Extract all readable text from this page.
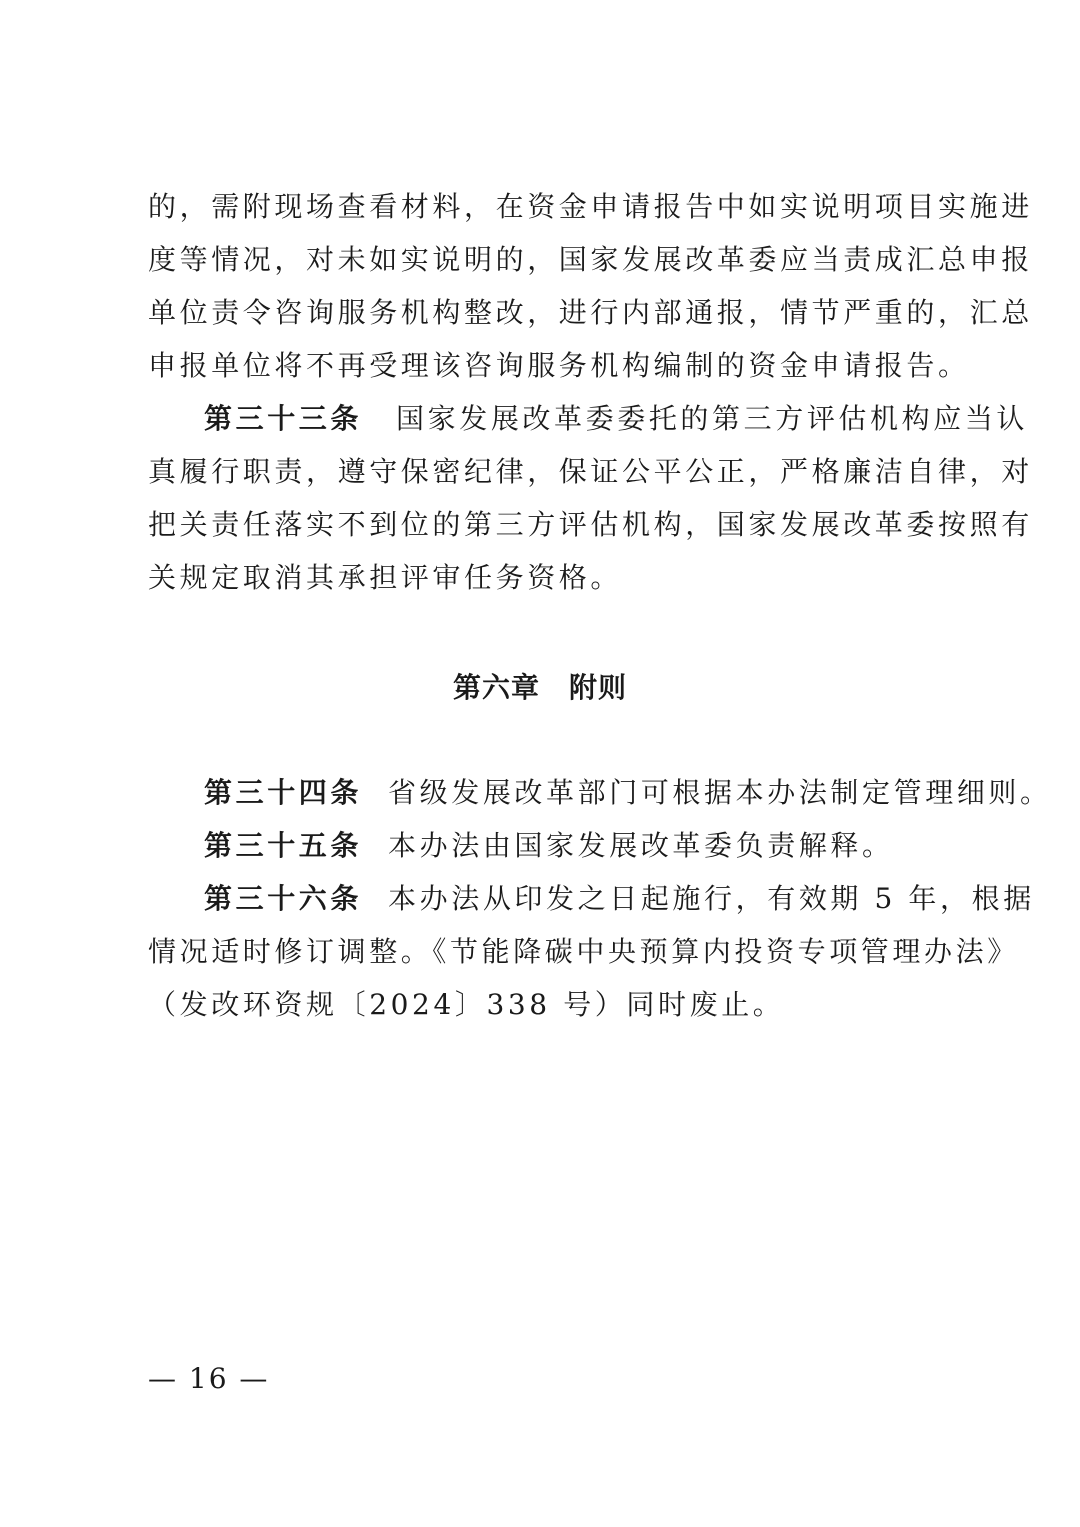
的，需附现场查看材料，在资金申请报告中如实说明项目实施进
度等情况，对未如实说明的，国家发展改革委应当责成汇总申报
单位责令咨询服务机构整改，进行内部通报，情节严重的，汇总
申报单位将不再受理该咨询服务机构编制的资金申请报告。
第三十三条 国家发展改革委委托的第三方评估机构应当认
真履行职责，遵守保密纪律，保证公平公正，严格廉洁自律，对
把关责任落实不到位的第三方评估机构，国家发展改革委按照有
关规定取消其承担评审任务资格。
第六章　附则
第三十四条 省级发展改革部门可根据本办法制定管理细则。
第三十五条 本办法由国家发展改革委负责解释。
第三十六条 本办法从印发之日起施行，有效期 5 年，根据
情况适时修订调整。《节能降碳中央预算内投资专项管理办法》
（发改环资规〔2024〕338 号）同时废止。
— 16 —
